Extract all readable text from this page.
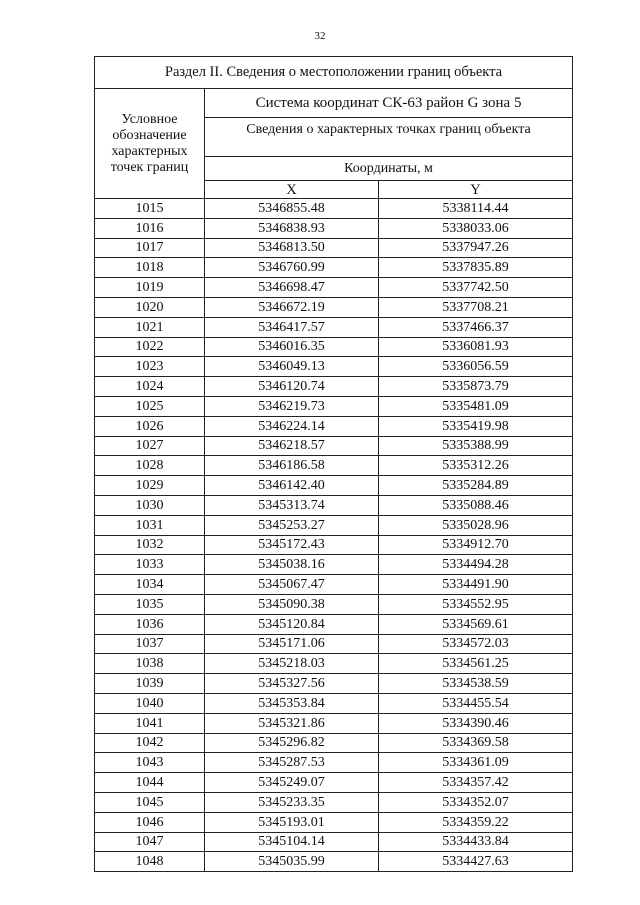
32
Раздел II. Сведения о местоположении границ объекта		
Условное обозначение характерных точек границ	Система координат СК-63 район G зона 5	
	Сведения о характерных точках границ объекта	
	Координаты, м	
	X	Y
1015	5346855.48	5338114.44
1016	5346838.93	5338033.06
1017	5346813.50	5337947.26
1018	5346760.99	5337835.89
1019	5346698.47	5337742.50
1020	5346672.19	5337708.21
1021	5346417.57	5337466.37
1022	5346016.35	5336081.93
1023	5346049.13	5336056.59
1024	5346120.74	5335873.79
1025	5346219.73	5335481.09
1026	5346224.14	5335419.98
1027	5346218.57	5335388.99
1028	5346186.58	5335312.26
1029	5346142.40	5335284.89
1030	5345313.74	5335088.46
1031	5345253.27	5335028.96
1032	5345172.43	5334912.70
1033	5345038.16	5334494.28
1034	5345067.47	5334491.90
1035	5345090.38	5334552.95
1036	5345120.84	5334569.61
1037	5345171.06	5334572.03
1038	5345218.03	5334561.25
1039	5345327.56	5334538.59
1040	5345353.84	5334455.54
1041	5345321.86	5334390.46
1042	5345296.82	5334369.58
1043	5345287.53	5334361.09
1044	5345249.07	5334357.42
1045	5345233.35	5334352.07
1046	5345193.01	5334359.22
1047	5345104.14	5334433.84
1048	5345035.99	5334427.63
